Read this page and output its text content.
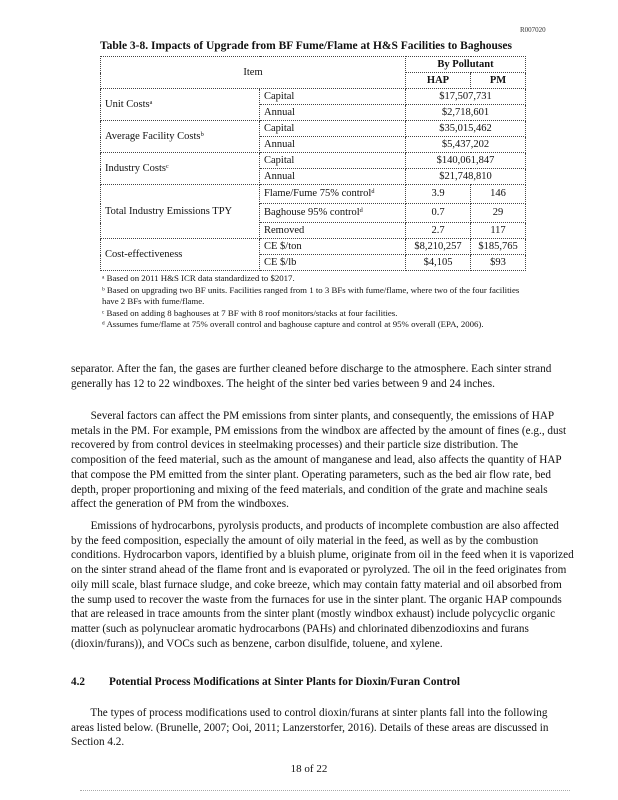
R007020
Table 3-8. Impacts of Upgrade from BF Fume/Flame at H&S Facilities to Baghouses
Item		By Pollutant	
		HAP	PM
Unit Costsᵃ	Capital	$17,507,731	
	Annual	$2,718,601	
Average Facility Costsᵇ	Capital	$35,015,462	
	Annual	$5,437,202	
Industry Costsᶜ	Capital	$140,061,847	
	Annual	$21,748,810	
Total Industry Emissions TPY	Flame/Fume 75% controlᵈ	3.9	146
	Baghouse 95% controlᵈ	0.7	29
	Removed	2.7	117
Cost-effectiveness	CE $/ton	$8,210,257	$185,765
	CE $/lb	$4,105	$93
ᵃ Based on 2011 H&S ICR data standardized to $2017.
ᵇ Based on upgrading two BF units. Facilities ranged from 1 to 3 BFs with fume/flame, where two of the four facilities have 2 BFs with fume/flame.
ᶜ Based on adding 8 baghouses at 7 BF with 8 roof monitors/stacks at four facilities.
ᵈ Assumes fume/flame at 75% overall control and baghouse capture and control at 95% overall (EPA, 2006).
separator. After the fan, the gases are further cleaned before discharge to the atmosphere. Each sinter strand
generally has 12 to 22 windboxes. The height of the sinter bed varies between 9 and 24 inches.
Several factors can affect the PM emissions from sinter plants, and consequently, the emissions of HAP
metals in the PM. For example, PM emissions from the windbox are affected by the amount of fines (e.g., dust
recovered by from control devices in steelmaking processes) and their particle size distribution. The
composition of the feed material, such as the amount of manganese and lead, also affects the quantity of HAP
that compose the PM emitted from the sinter plant. Operating parameters, such as the bed air flow rate, bed
depth, proper proportioning and mixing of the feed materials, and condition of the grate and machine seals
affect the generation of PM from the windboxes.
Emissions of hydrocarbons, pyrolysis products, and products of incomplete combustion are also affected
by the feed composition, especially the amount of oily material in the feed, as well as by the combustion
conditions. Hydrocarbon vapors, identified by a bluish plume, originate from oil in the feed when it is vaporized
on the sinter strand ahead of the flame front and is evaporated or pyrolyzed. The oil in the feed originates from
oily mill scale, blast furnace sludge, and coke breeze, which may contain fatty material and oil absorbed from
the sump used to recover the waste from the furnaces for use in the sinter plant. The organic HAP compounds
that are released in trace amounts from the sinter plant (mostly windbox exhaust) include polycyclic organic
matter (such as polynuclear aromatic hydrocarbons (PAHs) and chlorinated dibenzodioxins and furans
(dioxin/furans)), and VOCs such as benzene, carbon disulfide, toluene, and xylene.
4.2 Potential Process Modifications at Sinter Plants for Dioxin/Furan Control
The types of process modifications used to control dioxin/furans at sinter plants fall into the following
areas listed below. (Brunelle, 2007; Ooi, 2011; Lanzerstorfer, 2016). Details of these areas are discussed in
Section 4.2.
18 of 22
